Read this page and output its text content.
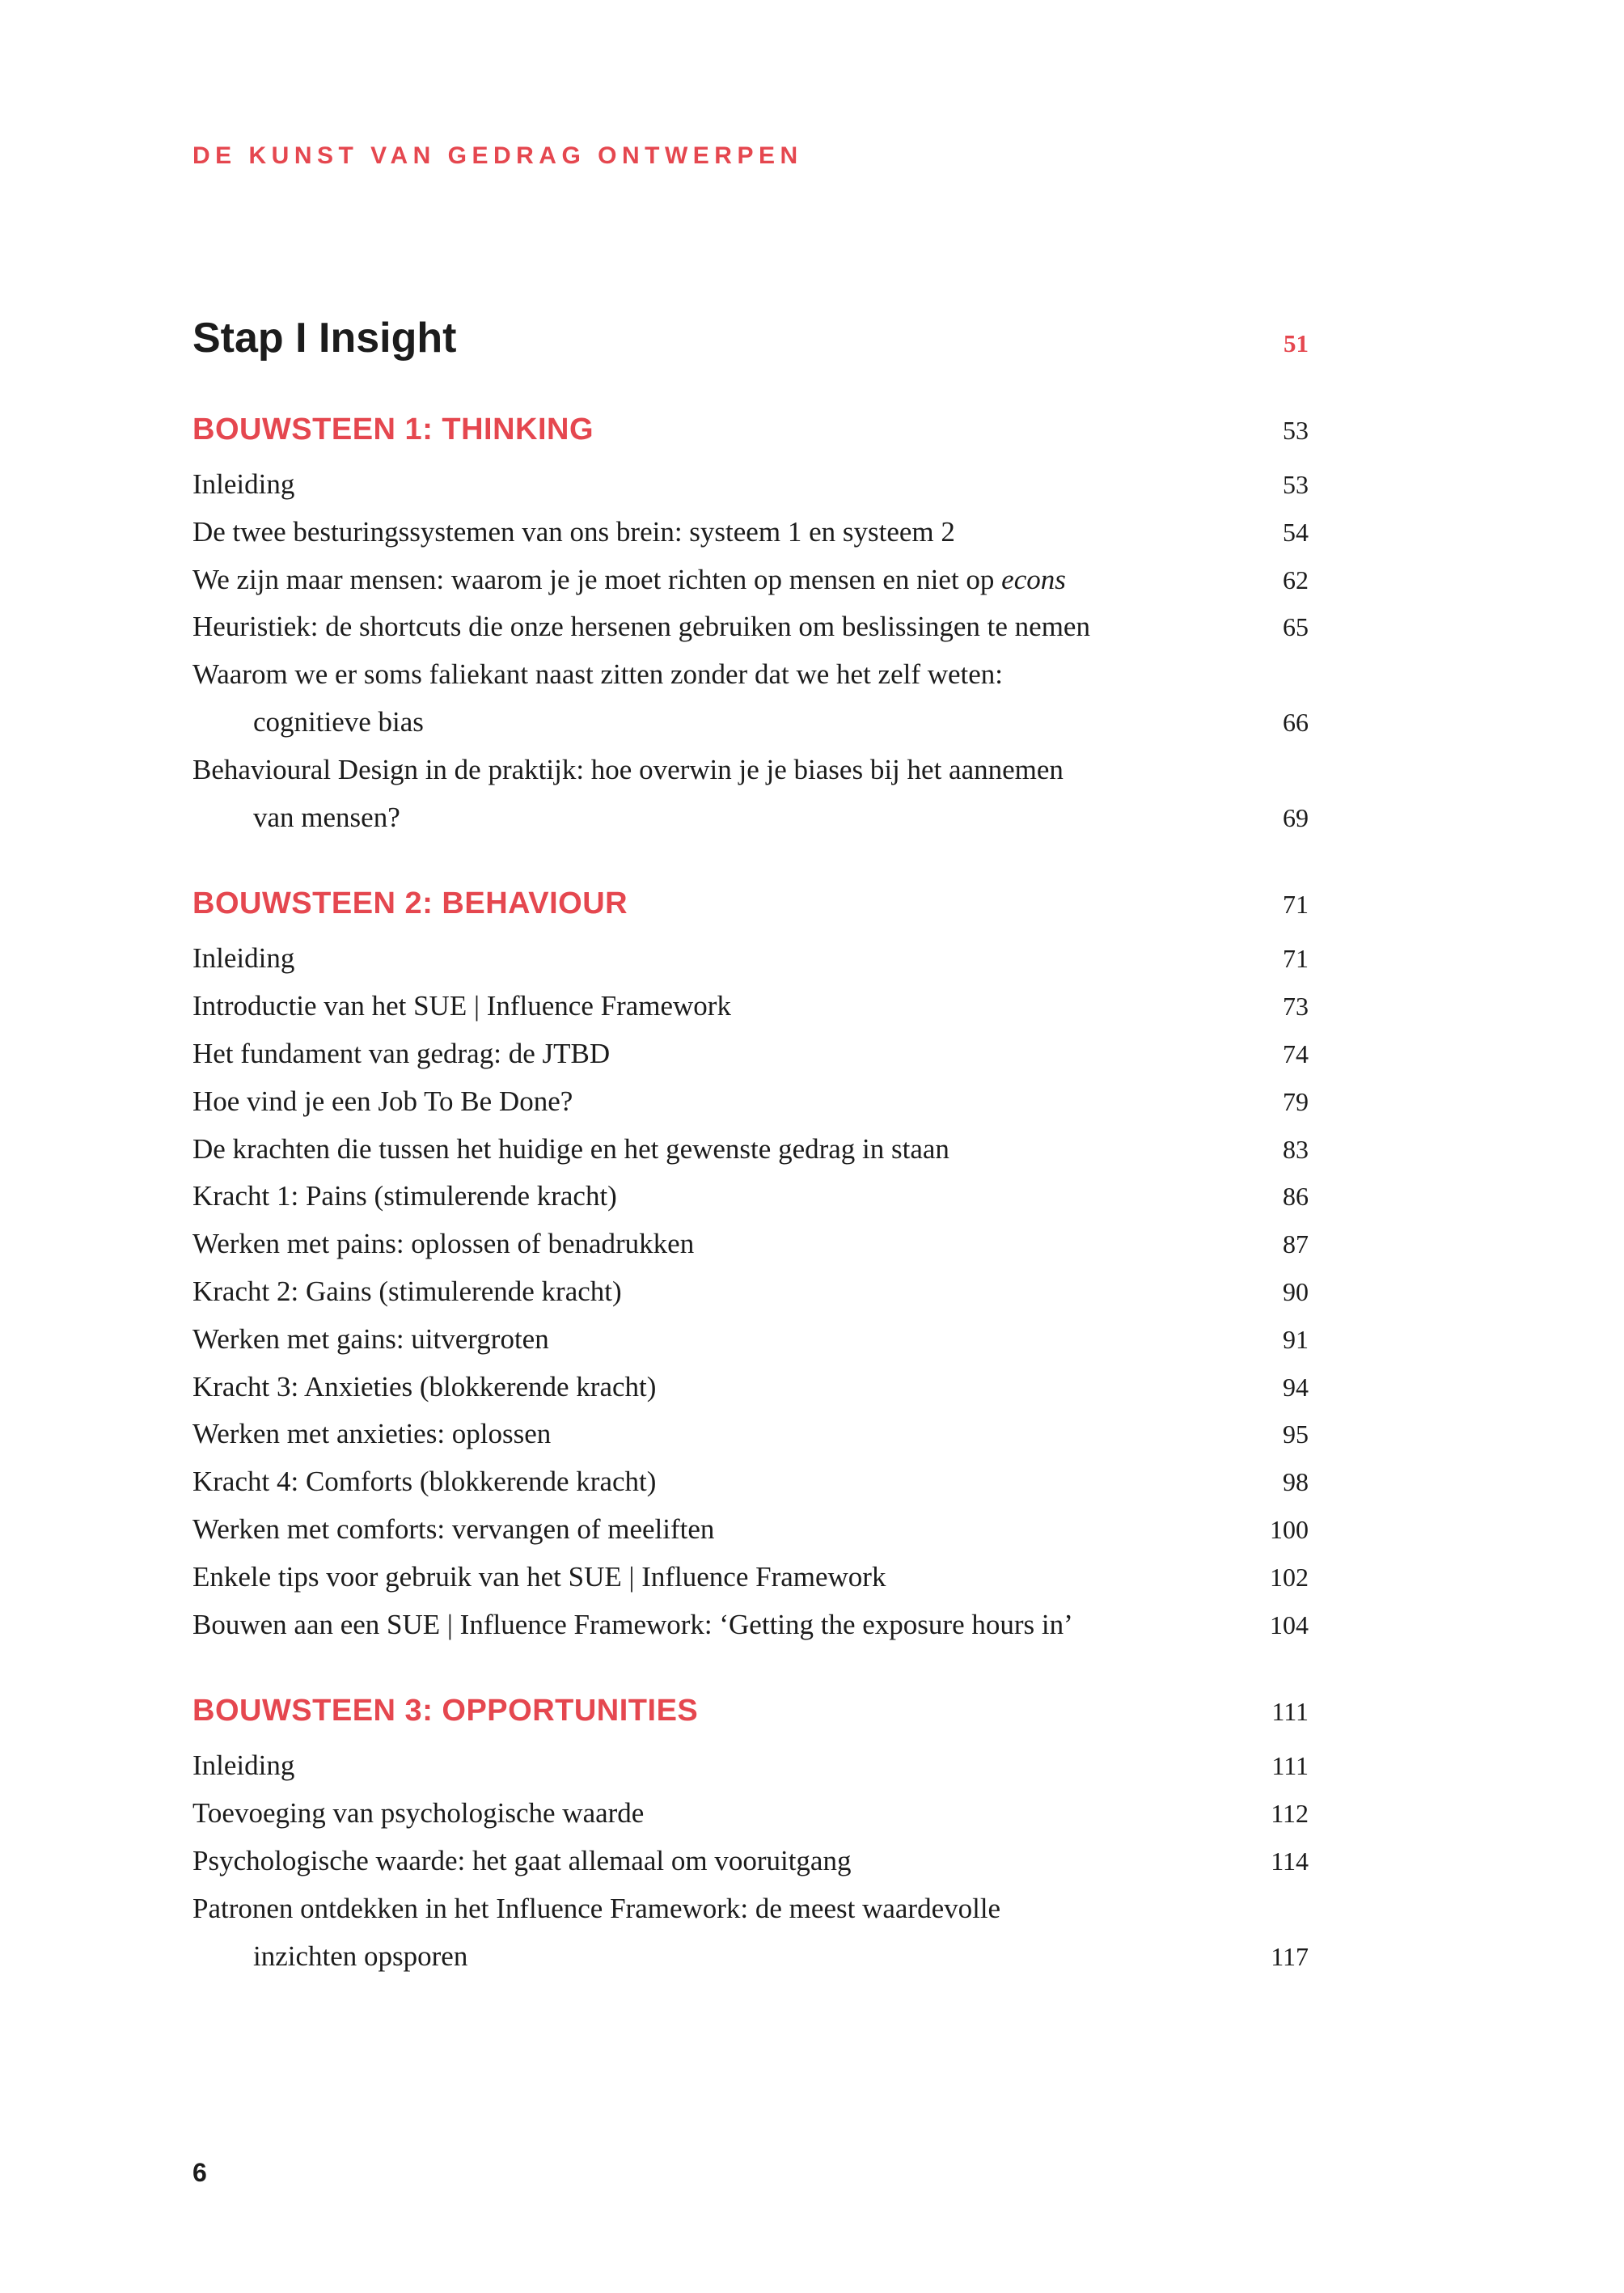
DE KUNST VAN GEDRAG ONTWERPEN
Stap I Insight	51
BOUWSTEEN 1: THINKING	53
Inleiding	53
De twee besturingssystemen van ons brein: systeem 1 en systeem 2	54
We zijn maar mensen: waarom je je moet richten op mensen en niet op econs	62
Heuristiek: de shortcuts die onze hersenen gebruiken om beslissingen te nemen	65
Waarom we er soms faliekant naast zitten zonder dat we het zelf weten:
cognitieve bias	66
Behavioural Design in de praktijk: hoe overwin je je biases bij het aannemen
van mensen?	69
BOUWSTEEN 2: BEHAVIOUR	71
Inleiding	71
Introductie van het SUE | Influence Framework	73
Het fundament van gedrag: de JTBD	74
Hoe vind je een Job To Be Done?	79
De krachten die tussen het huidige en het gewenste gedrag in staan	83
Kracht 1: Pains (stimulerende kracht)	86
Werken met pains: oplossen of benadrukken	87
Kracht 2: Gains (stimulerende kracht)	90
Werken met gains: uitvergroten	91
Kracht 3: Anxieties (blokkerende kracht)	94
Werken met anxieties: oplossen	95
Kracht 4: Comforts (blokkerende kracht)	98
Werken met comforts: vervangen of meeliften	100
Enkele tips voor gebruik van het SUE | Influence Framework	102
Bouwen aan een SUE | Influence Framework: ‘Getting the exposure hours in’	104
BOUWSTEEN 3: OPPORTUNITIES	111
Inleiding	111
Toevoeging van psychologische waarde	112
Psychologische waarde: het gaat allemaal om vooruitgang	114
Patronen ontdekken in het Influence Framework: de meest waardevolle
inzichten opsporen	117
6
